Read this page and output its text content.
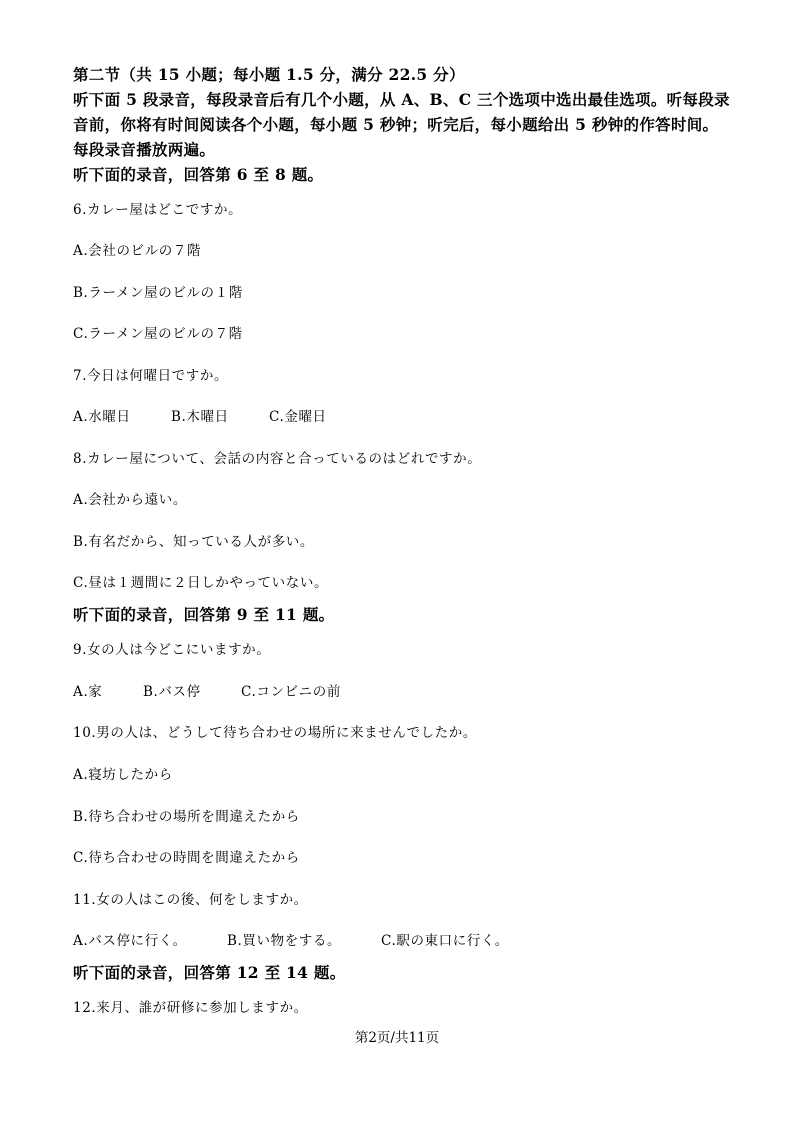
第二节（共 15 小题；每小题 1.5 分，满分 22.5 分）
听下面 5 段录音，每段录音后有几个小题，从 A、B、C 三个选项中选出最佳选项。听每段录
音前，你将有时间阅读各个小题，每小题 5 秒钟；听完后，每小题给出 5 秒钟的作答时间。
每段录音播放两遍。
听下面的录音，回答第 6 至 8 题。
6.カレー屋はどこですか。
A.会社のビルの７階
B.ラーメン屋のビルの１階
C.ラーメン屋のビルの７階
7.今日は何曜日ですか。
A.水曜日	B.木曜日	C.金曜日
8.カレー屋について、会話の内容と合っているのはどれですか。
A.会社から遠い。
B.有名だから、知っている人が多い。
C.昼は１週間に２日しかやっていない。
听下面的录音，回答第 9 至 11 题。
9.女の人は今どこにいますか。
A.家	B.バス停	C.コンビニの前
10.男の人は、どうして待ち合わせの場所に来ませんでしたか。
A.寝坊したから
B.待ち合わせの場所を間違えたから
C.待ち合わせの時間を間違えたから
11.女の人はこの後、何をしますか。
A.バス停に行く。	B.買い物をする。	C.駅の東口に行く。
听下面的录音，回答第 12 至 14 题。
12.来月、誰が研修に参加しますか。
第2页/共11页
